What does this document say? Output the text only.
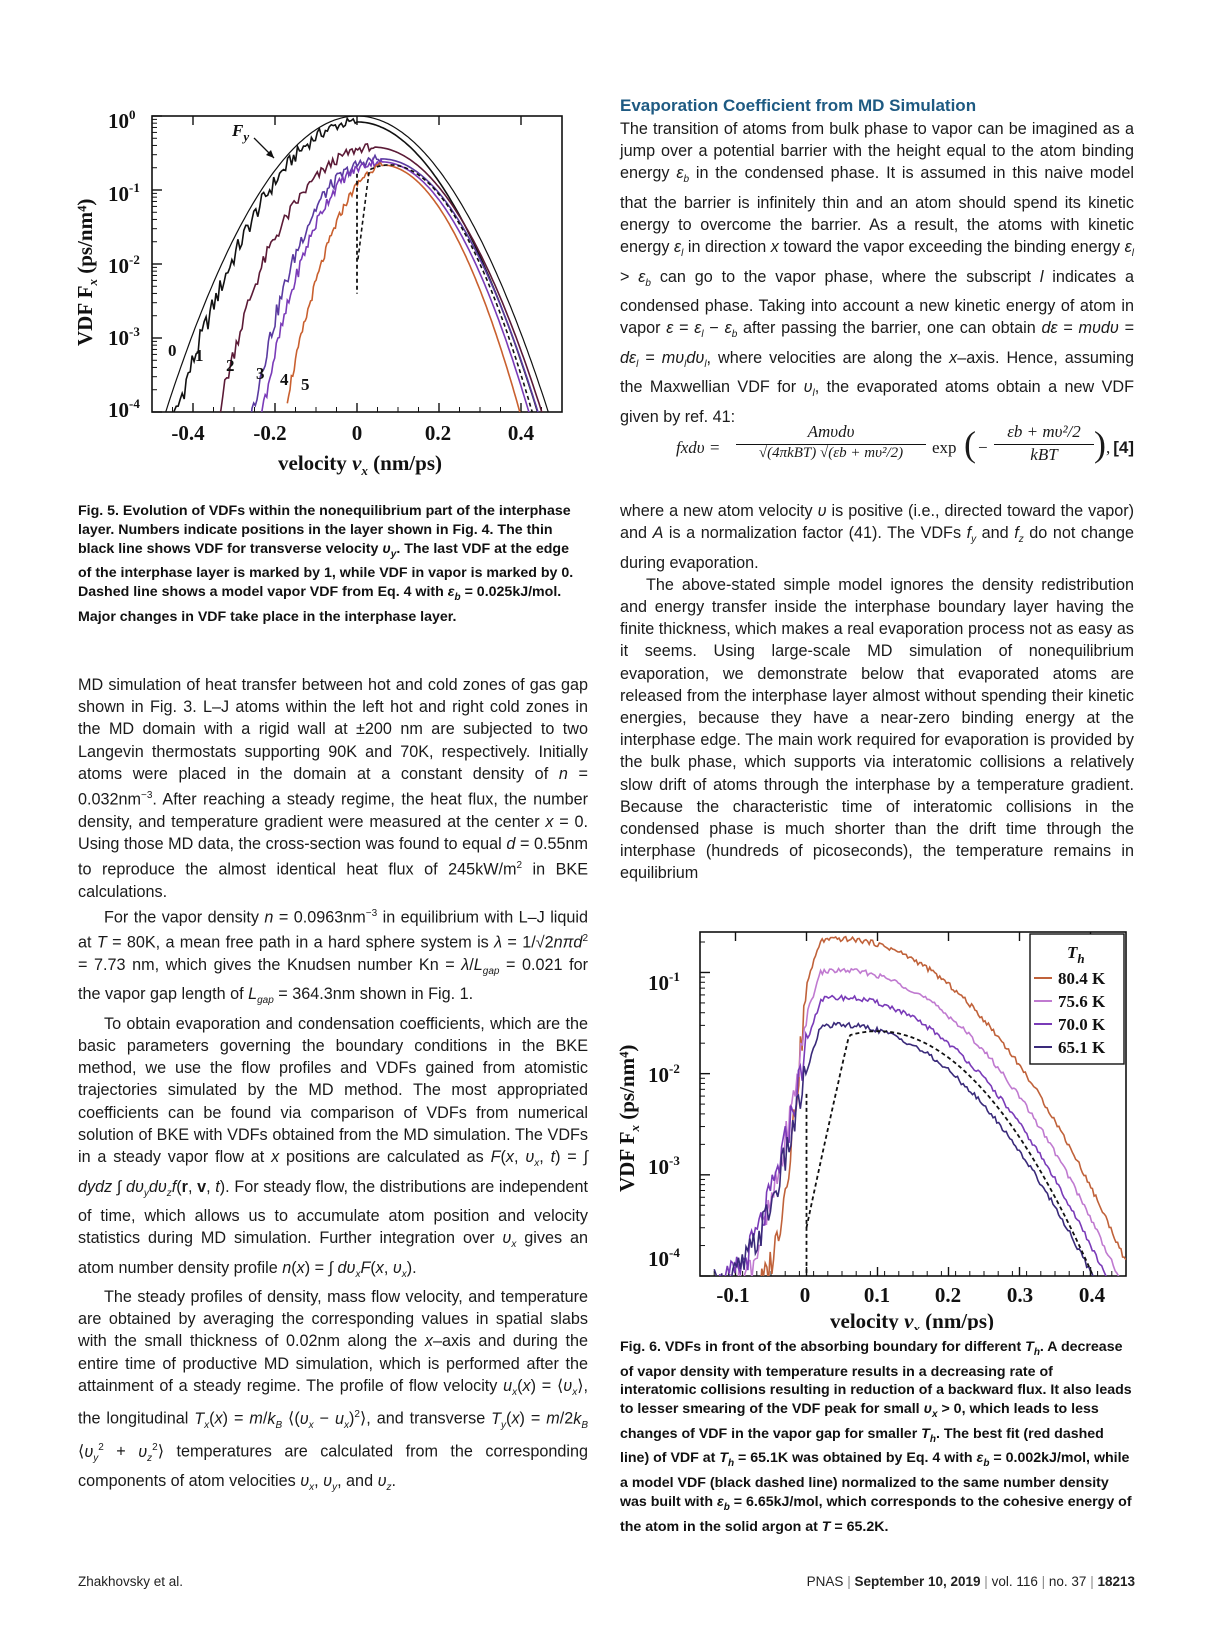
$10^0$
$10^{-1}$
$10^{-2}$
$10^{-3}$
$10^{-4}$
-0.4 -0.2	0	0.2	0.4
VDF $F_x$ (ps/nm⁴)
velocity $v_x$ (nm/ps)
$F_y$
0 1
2 3 4 5
Fig. 5. Evolution of VDFs within the nonequilibrium part of the interphase layer. Numbers indicate positions in the layer shown in Fig. 4. The thin black line shows VDF for transverse velocity $\upsilon_y$. The last VDF at the edge of the interphase layer is marked by 1, while VDF in vapor is marked by 0. Dashed line shows a model vapor VDF from Eq. 4 with $\varepsilon_b = 0.025kJ/mol$. Major changes in VDF take place in the interphase layer.

MD simulation of heat transfer between hot and cold zones of gas gap shown in Fig. 3. L–J atoms within the left hot and right cold zones in the MD domain with a rigid wall at ±200 nm are subjected to two Langevin thermostats supporting 90K and 70K, respectively. Initially atoms were placed in the domain at a constant density of $n = 0.032nm^{-3}$. After reaching a steady regime, the heat flux, the number density, and temperature gradient were measured at the center x = 0. Using those MD data, the cross-section was found to equal d = 0.55nm to reproduce the almost identical heat flux of $245kW/m^2$ in BKE calculations.

For the vapor density $n = 0.0963nm^{-3}$ in equilibrium with L–J liquid at T = 80K, a mean free path in a hard sphere system is λ = 1/√2nπd$^2$ = 7.73 nm, which gives the Knudsen number $Kn = \lambda/L_{gap} = 0.021$ for the vapor gap length of $L_{gap} = 364.3nm$ shown in Fig. 1.

To obtain evaporation and condensation coefficients, which are the basic parameters governing the boundary conditions in the BKE method, we use the flow profiles and VDFs gained from atomistic trajectories simulated by the MD method. The most appropriated coefficients can be found via comparison of VDFs from numerical solution of BKE with VDFs obtained from the MD simulation. The VDFs in a steady vapor flow at x positions are calculated as F(x, $\upsilon_x$, t) = ∫ dydz ∫ $d\upsilon_yd\upsilon_zf(r$, v, t). For steady flow, the distributions are independent of time, which allows us to accumulate atom position and velocity statistics during MD simulation. Further integration over $\upsilon_x$ gives an atom number density profile n(x) = ∫ $d\upsilon_xF(x$, $\upsilon_x$).

The steady profiles of density, mass flow velocity, and temperature are obtained by averaging the corresponding values in spatial slabs with the small thickness of 0.02nm along the x–axis and during the entire time of productive MD simulation, which is performed after the attainment of a steady regime. The profile of flow velocity $u_x(x)$ = $⟨\upsilon_x⟩$, the longitudinal $T_x(x) = m/k_B$ $⟨(\upsilon_x$ − $u_x)^2⟩$, and transverse $T_y(x) = m/2k_B$ $⟨\upsilon_y^2$ + $\upsilon_z^2⟩$ temperatures are calculated from the corresponding components of atom velocities $\upsilon_x$, $\upsilon_y$, and $\upsilon_z$.

Evaporation Coefficient from MD Simulation

The transition of atoms from bulk phase to vapor can be imagined as a jump over a potential barrier with the height equal to the atom binding energy $\varepsilon_b$ in the condensed phase. It is assumed in this naive model that the barrier is infinitely thin and an atom should spend its kinetic energy to overcome the barrier. As a result, the atoms with kinetic energy $\varepsilon_l$ in direction x toward the vapor exceeding the binding energy $\varepsilon_l > \varepsilon_b$ can go to the vapor phase, where the subscript l indicates a condensed phase. Taking into account a new kinetic energy of atom in vapor $\varepsilon = \varepsilon_l - \varepsilon_b$ after passing the barrier, one can obtain $d\varepsilon = m\upsilon d\upsilon = d\varepsilon_l = m\upsilon_ld\upsilon_l$, where velocities are along the x–axis. Hence, assuming the Maxwellian VDF for $\upsilon_l$, the evaporated atoms obtain a new VDF given by ref. 41:

fxdυ =
Amυdυ
√(4πkBT) √(εb + mυ²/2)	exp ( −
εb + mυ²/2
kBT	) , [4]

where a new atom velocity υ is positive (i.e., directed toward the vapor) and A is a normalization factor (41). The VDFs $f_y$ and $f_z$ do not change during evaporation.

The above-stated simple model ignores the density redistribution and energy transfer inside the interphase boundary layer having the finite thickness, which makes a real evaporation process not as easy as it seems. Using large-scale MD simulation of nonequilibrium evaporation, we demonstrate below that evaporated atoms are released from the interphase layer almost without spending their kinetic energies, because they have a near-zero binding energy at the interphase edge. The main work required for evaporation is provided by the bulk phase, which supports via interatomic collisions a relatively slow drift of atoms through the interphase by a temperature gradient. Because the characteristic time of interatomic collisions in the condensed phase is much shorter than the drift time through the interphase (hundreds of picoseconds), the temperature remains in equilibrium

$T_h$
80.4 K
75.6 K
70.0 K
65.1 K
$10^{-1}$
$10^{-2}$
$10^{-3}$
$10^{-4}$
-0.1 0	0.1 0.2 0.3 0.4
VDF $F_x$ (ps/nm⁴)
velocity $v_x$ (nm/ps)
Fig. 6. VDFs in front of the absorbing boundary for different $T_h$. A decrease of vapor density with temperature results in a decreasing rate of interatomic collisions resulting in reduction of a backward flux. It also leads to lesser smearing of the VDF peak for small $\upsilon_x > 0$, which leads to less changes of VDF in the vapor gap for smaller $T_h$. The best fit (red dashed line) of VDF at $T_h = 65.1K$ was obtained by Eq. 4 with $\varepsilon_b = 0.002kJ/mol$, while a model VDF (black dashed line) normalized to the same number density was built with $\varepsilon_b = 6.65kJ/mol$, which corresponds to the cohesive energy of the atom in the solid argon at T = 65.2K.
Zhakhovsky et al.	PNAS | September 10, 2019 | vol. 116 | no. 37 | 18213
